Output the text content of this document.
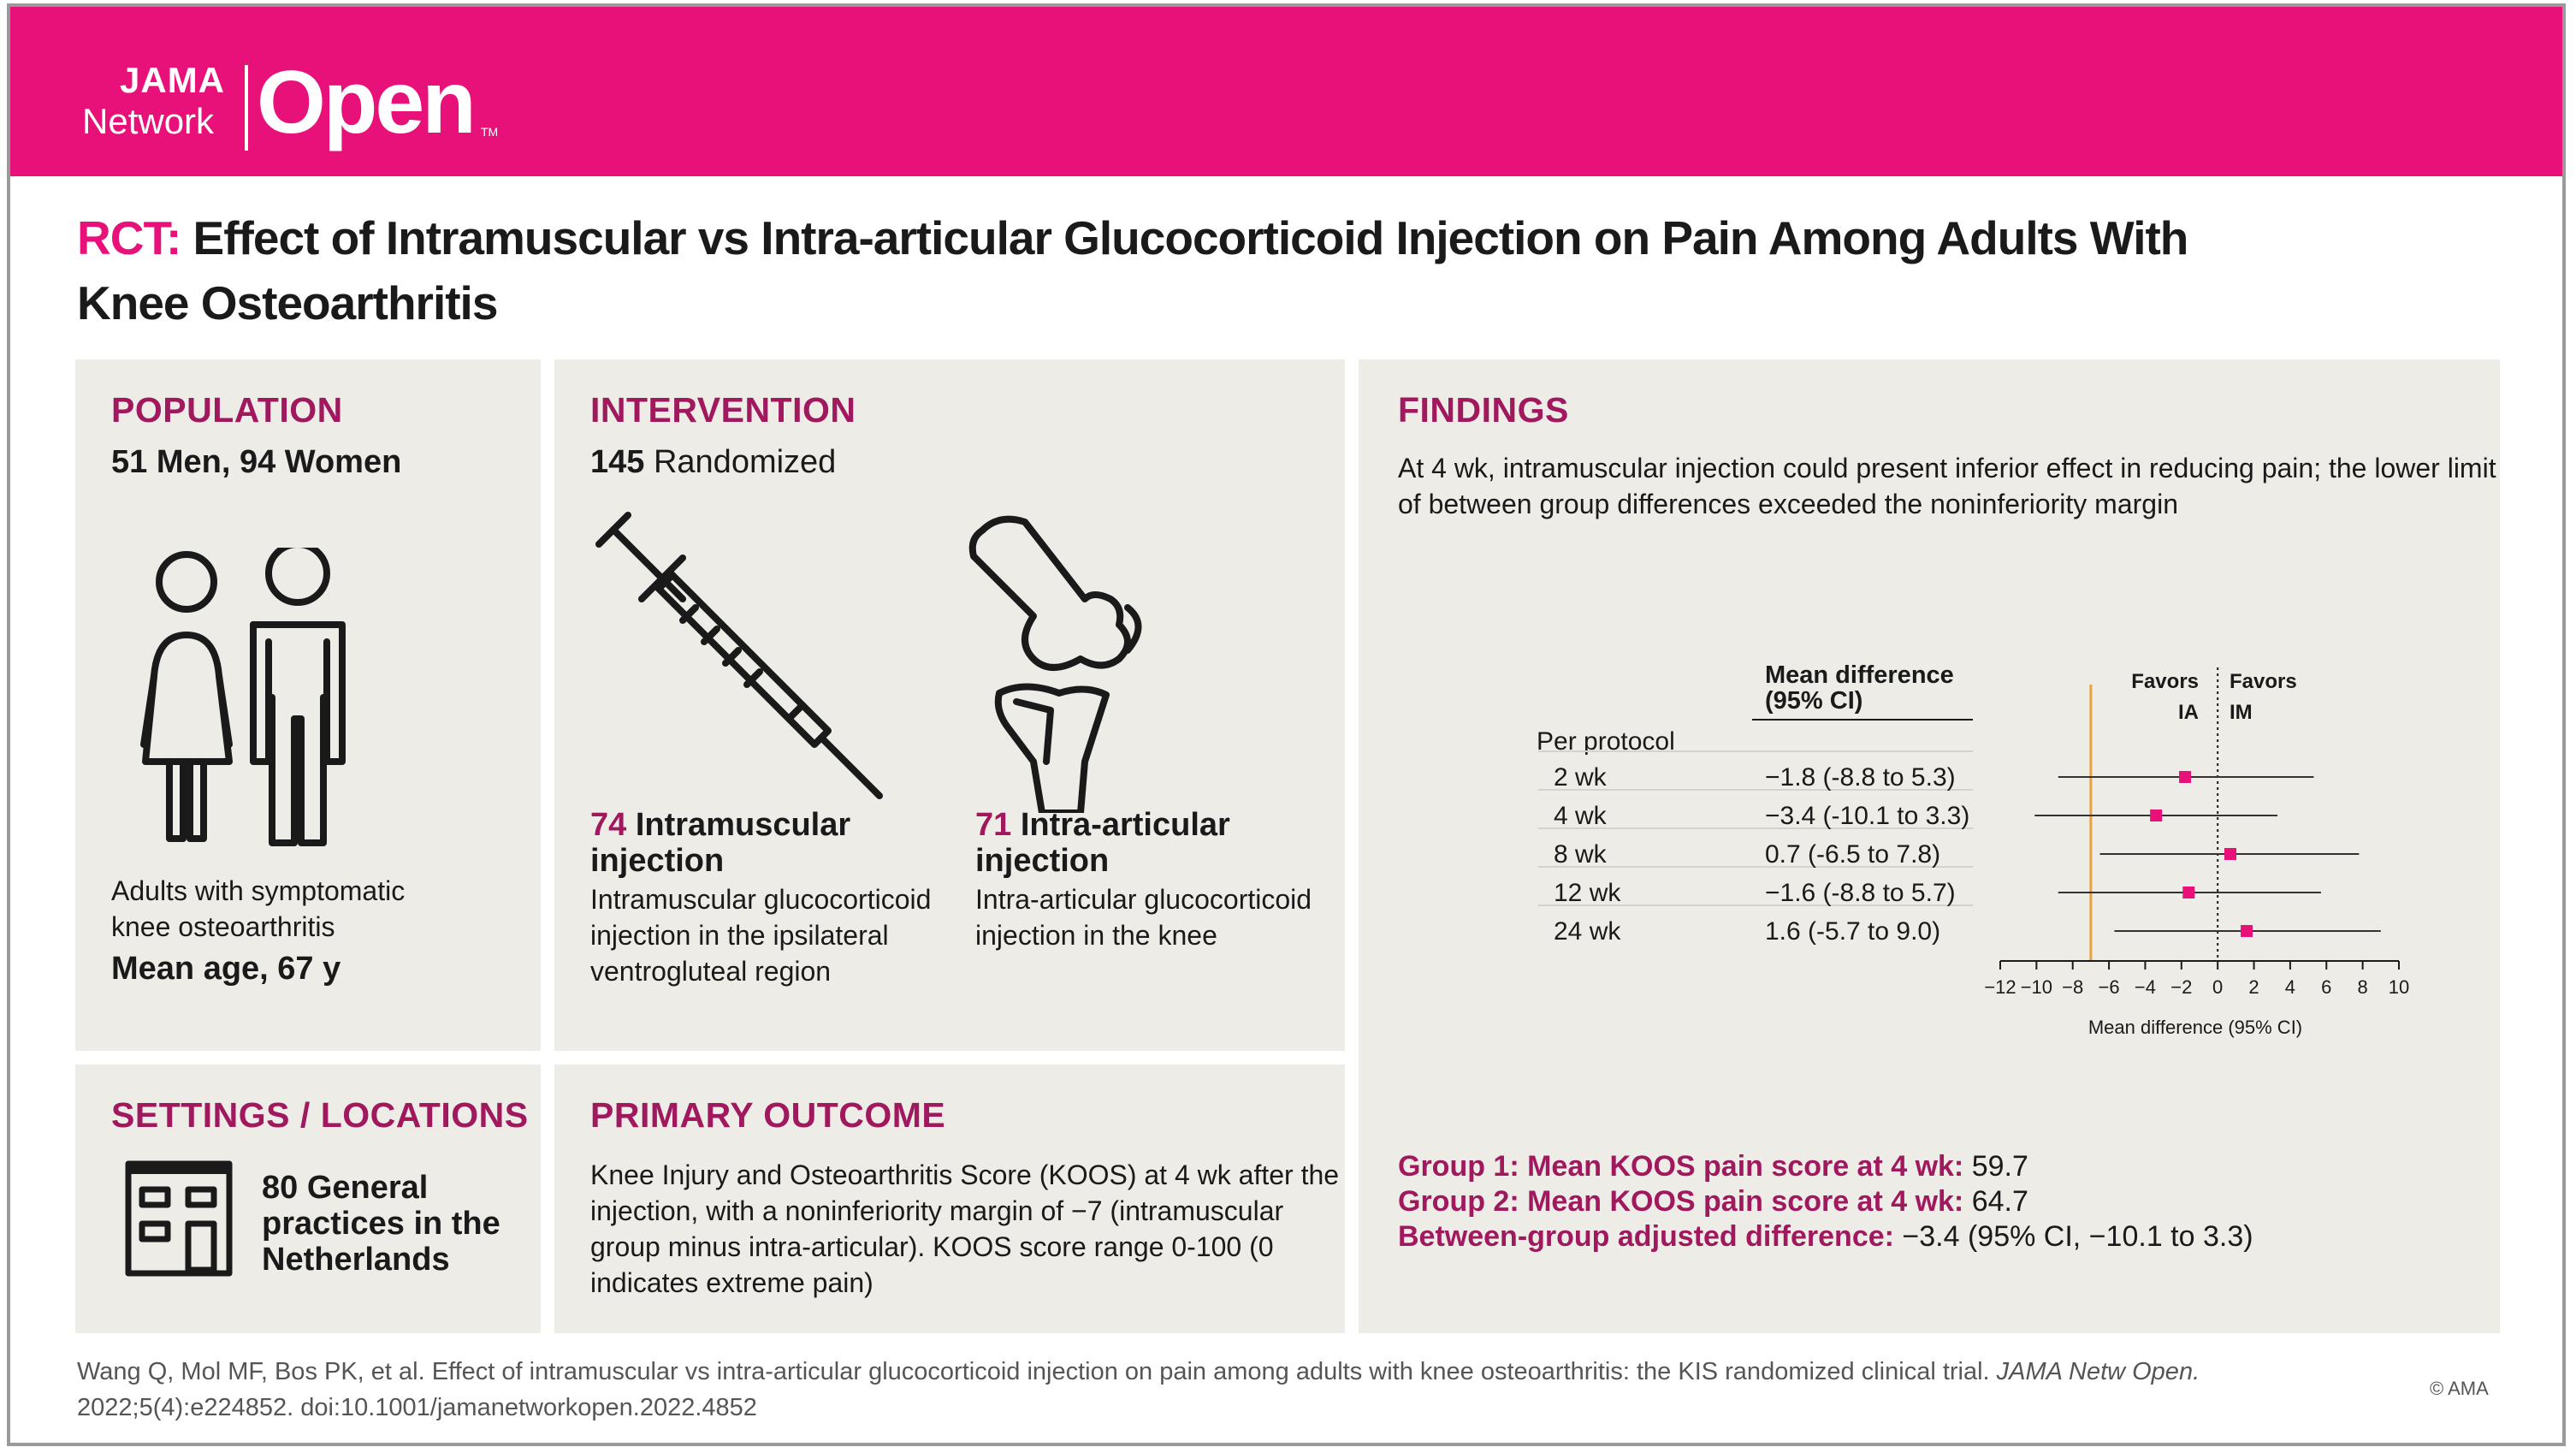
JAMA
Network Open TM
RCT: Effect of Intramuscular vs Intra-articular Glucocorticoid Injection on Pain Among Adults With Knee Osteoarthritis
POPULATION
51 Men, 94 Women
Adults with symptomatic
knee osteoarthritis
Mean age, 67 y
INTERVENTION
145 Randomized
74 Intramuscular
injection
Intramuscular glucocorticoid
injection in the ipsilateral
ventrogluteal region
71 Intra-articular
injection
Intra-articular glucocorticoid
injection in the knee
SETTINGS / LOCATIONS
80 General
practices in the
Netherlands
PRIMARY OUTCOME
Knee Injury and Osteoarthritis Score (KOOS) at 4 wk after the
injection, with a noninferiority margin of −7 (intramuscular
group minus intra-articular). KOOS score range 0-100 (0
indicates extreme pain)
FINDINGS
At 4 wk, intramuscular injection could present inferior effect in reducing pain; the lower limit
of between group differences exceeded the noninferiority margin
Mean difference
(95% CI)
Per protocol
Favors
IA
Favors
IM
Mean difference (95% CI)
−12 −10 −8 −6 −4 −2 0 2 4 6 8 10
2 wk	−1.8 (-8.8 to 5.3)
4 wk	−3.4 (-10.1 to 3.3)
8 wk	0.7 (-6.5 to 7.8)
12 wk	−1.6 (-8.8 to 5.7)
24 wk	1.6 (-5.7 to 9.0)
Group 1: Mean KOOS pain score at 4 wk: 59.7
Group 2: Mean KOOS pain score at 4 wk: 64.7
Between-group adjusted difference: −3.4 (95% CI, −10.1 to 3.3)
Wang Q, Mol MF, Bos PK, et al. Effect of intramuscular vs intra-articular glucocorticoid injection on pain among adults with knee osteoarthritis: the KIS randomized clinical trial. JAMA Netw Open. 2022;5(4):e224852. doi:10.1001/jamanetworkopen.2022.4852
© AMA
